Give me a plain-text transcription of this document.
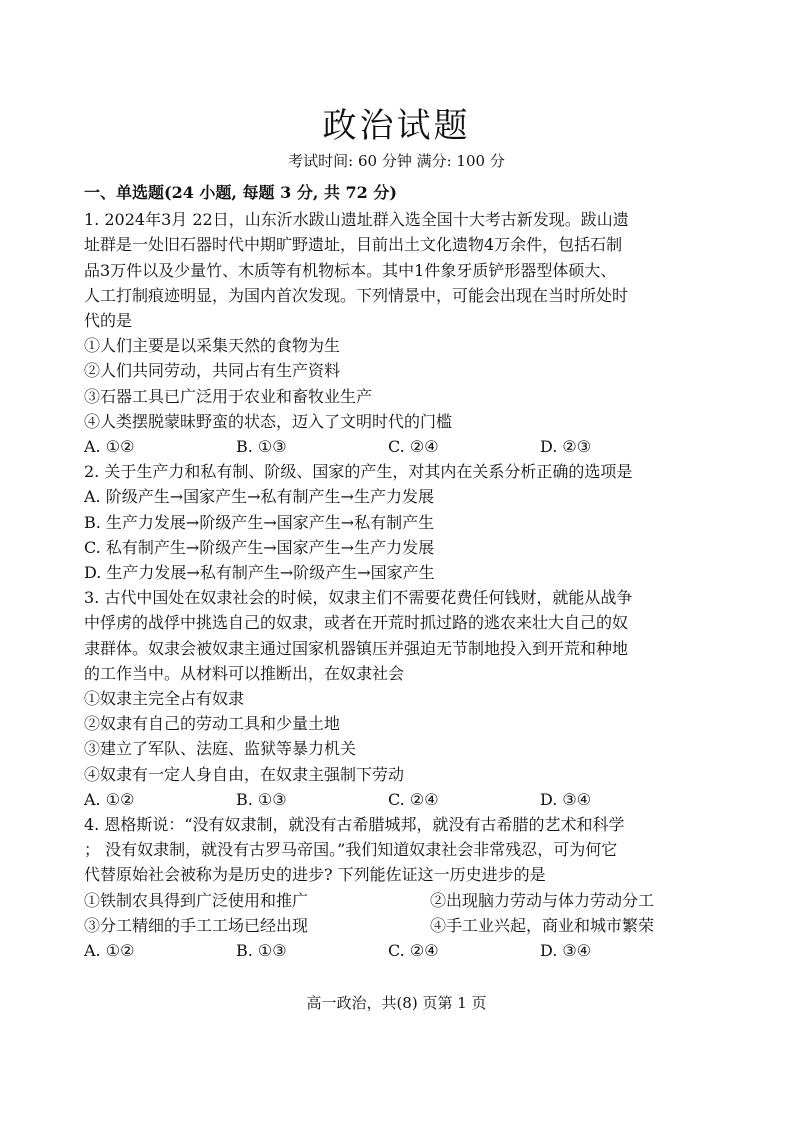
政治试题
考试时间: 60 分钟 满分: 100 分
一、单选题(24 小题, 每题 3 分, 共 72 分)
1. 2024年3月 22日，山东沂水跋山遗址群入选全国十大考古新发现。跋山遗
址群是一处旧石器时代中期旷野遗址，目前出土文化遗物4万余件，包括石制
品3万件以及少量竹、木质等有机物标本。其中1件象牙质铲形器型体硕大、
人工打制痕迹明显，为国内首次发现。下列情景中，可能会出现在当时所处时
代的是
①人们主要是以采集天然的食物为生
②人们共同劳动，共同占有生产资料
③石器工具已广泛用于农业和畜牧业生产
④人类摆脱蒙昧野蛮的状态，迈入了文明时代的门槛
A. ①②	B. ①③	C. ②④	D. ②③
2. 关于生产力和私有制、阶级、国家的产生，对其内在关系分析正确的选项是
A. 阶级产生→国家产生→私有制产生→生产力发展
B. 生产力发展→阶级产生→国家产生→私有制产生
C. 私有制产生→阶级产生→国家产生→生产力发展
D. 生产力发展→私有制产生→阶级产生→国家产生
3. 古代中国处在奴隶社会的时候，奴隶主们不需要花费任何钱财，就能从战争
中俘虏的战俘中挑选自己的奴隶，或者在开荒时抓过路的逃农来壮大自己的奴
隶群体。奴隶会被奴隶主通过国家机器镇压并强迫无节制地投入到开荒和种地
的工作当中。从材料可以推断出，在奴隶社会
①奴隶主完全占有奴隶
②奴隶有自己的劳动工具和少量土地
③建立了军队、法庭、监狱等暴力机关
④奴隶有一定人身自由，在奴隶主强制下劳动
A. ①②	B. ①③	C. ②④	D. ③④
4. 恩格斯说：“没有奴隶制，就没有古希腊城邦，就没有古希腊的艺术和科学
； 没有奴隶制，就没有古罗马帝国。”我们知道奴隶社会非常残忍，可为何它
代替原始社会被称为是历史的进步? 下列能佐证这一历史进步的是
①铁制农具得到广泛使用和推广	②出现脑力劳动与体力劳动分工
③分工精细的手工工场已经出现	④手工业兴起，商业和城市繁荣
A. ①②	B. ①③	C. ②④	D. ③④
高一政治，共(8) 页第 1 页
